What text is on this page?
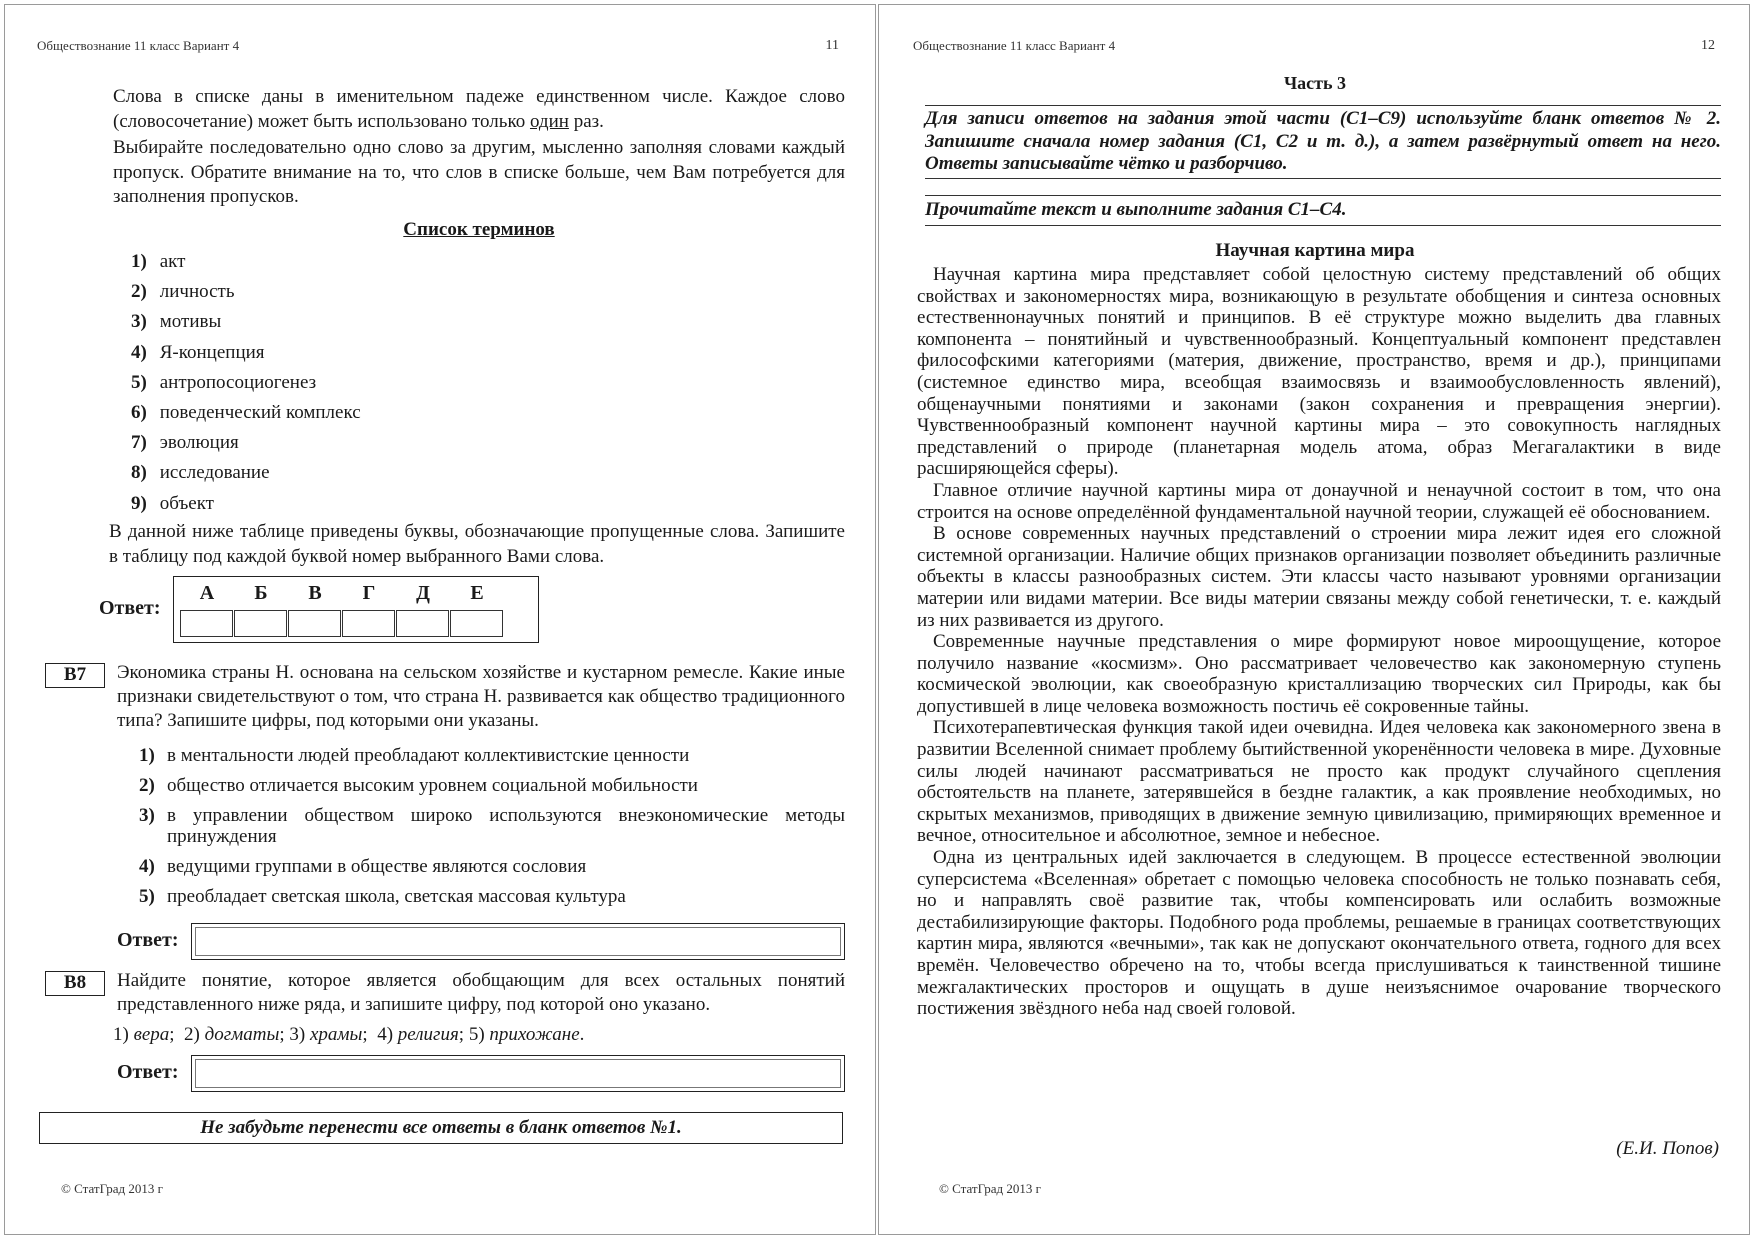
Обществознание 11 класс Вариант 4	11

Слова в списке даны в именительном падеже единственном числе. Каждое слово (словосочетание) может быть использовано только один раз.

Выбирайте последовательно одно слово за другим, мысленно заполняя словами каждый пропуск. Обратите внимание на то, что слов в списке больше, чем Вам потребуется для заполнения пропусков.

Список терминов
1) акт
2) личность
3) мотивы
4) Я-концепция
5) антропосоциогенез
6) поведенческий комплекс
7) эволюция
8) исследование
9) объект

В данной ниже таблице приведены буквы, обозначающие пропущенные слова. Запишите в таблицу под каждой буквой номер выбранного Вами слова.

Ответ:
А	Б	В	Г	Д	Е
В7	Экономика страны Н. основана на сельском хозяйстве и кустарном ремесле. Какие иные признаки свидетельствуют о том, что страна Н. развивается как общество традиционного типа? Запишите цифры, под которыми они указаны.
1) в ментальности людей преобладают коллективистские ценности
2) общество отличается высоким уровнем социальной мобильности
3) в управлении обществом широко используются внеэкономические методы принуждения
4) ведущими группами в обществе являются сословия
5) преобладает светская школа, светская массовая культура
Ответ:
В8	Найдите понятие, которое является обобщающим для всех остальных понятий представленного ниже ряда, и запишите цифру, под которой оно указано.
1) вера;  2) догматы; 3) храмы;  4) религия; 5) прихожане.
Ответ:
Не забудьте перенести все ответы в бланк ответов №1.
© СтатГрад 2013 г
Обществознание 11 класс Вариант 4	12
Часть 3
Для записи ответов на задания этой части (С1–С9) используйте бланк ответов № 2. Запишите сначала номер задания (С1, С2 и т. д.), а затем развёрнутый ответ на него. Ответы записывайте чётко и разборчиво.
Прочитайте текст и выполните задания С1–С4.
Научная картина мира

Научная картина мира представляет собой целостную систему представлений об общих свойствах и закономерностях мира, возникающую в результате обобщения и синтеза основных естественнонаучных понятий и принципов. В её структуре можно выделить два главных компонента – понятийный и чувственнообразный. Концептуальный компонент представлен философскими категориями (материя, движение, пространство, время и др.), принципами (системное единство мира, всеобщая взаимосвязь и взаимообусловленность явлений), общенаучными понятиями и законами (закон сохранения и превращения энергии). Чувственнообразный компонент научной картины мира – это совокупность наглядных представлений о природе (планетарная модель атома, образ Мегагалактики в виде расширяющейся сферы).

Главное отличие научной картины мира от донаучной и ненаучной состоит в том, что она строится на основе определённой фундаментальной научной теории, служащей её обоснованием.

В основе современных научных представлений о строении мира лежит идея его сложной системной организации. Наличие общих признаков организации позволяет объединить различные объекты в классы разнообразных систем. Эти классы часто называют уровнями организации материи или видами материи. Все виды материи связаны между собой генетически, т. е. каждый из них развивается из другого.

Современные научные представления о мире формируют новое мироощущение, которое получило название «космизм». Оно рассматривает человечество как закономерную ступень космической эволюции, как своеобразную кристаллизацию творческих сил Природы, как бы допустившей в лице человека возможность постичь её сокровенные тайны.

Психотерапевтическая функция такой идеи очевидна. Идея человека как закономерного звена в развитии Вселенной снимает проблему бытийственной укоренённости человека в мире. Духовные силы людей начинают рассматриваться не просто как продукт случайного сцепления обстоятельств на планете, затерявшейся в бездне галактик, а как проявление необходимых, но скрытых механизмов, приводящих в движение земную цивилизацию, примиряющих временное и вечное, относительное и абсолютное, земное и небесное.

Одна из центральных идей заключается в следующем. В процессе естественной эволюции суперсистема «Вселенная» обретает с помощью человека способность не только познавать себя, но и направлять своё развитие так, чтобы компенсировать или ослабить возможные дестабилизирующие факторы. Подобного рода проблемы, решаемые в границах соответствующих картин мира, являются «вечными», так как не допускают окончательного ответа, годного для всех времён. Человечество обречено на то, чтобы всегда прислушиваться к таинственной тишине межгалактических просторов и ощущать в душе неизъяснимое очарование творческого постижения звёздного неба над своей головой.

(Е.И. Попов)
© СтатГрад 2013 г
